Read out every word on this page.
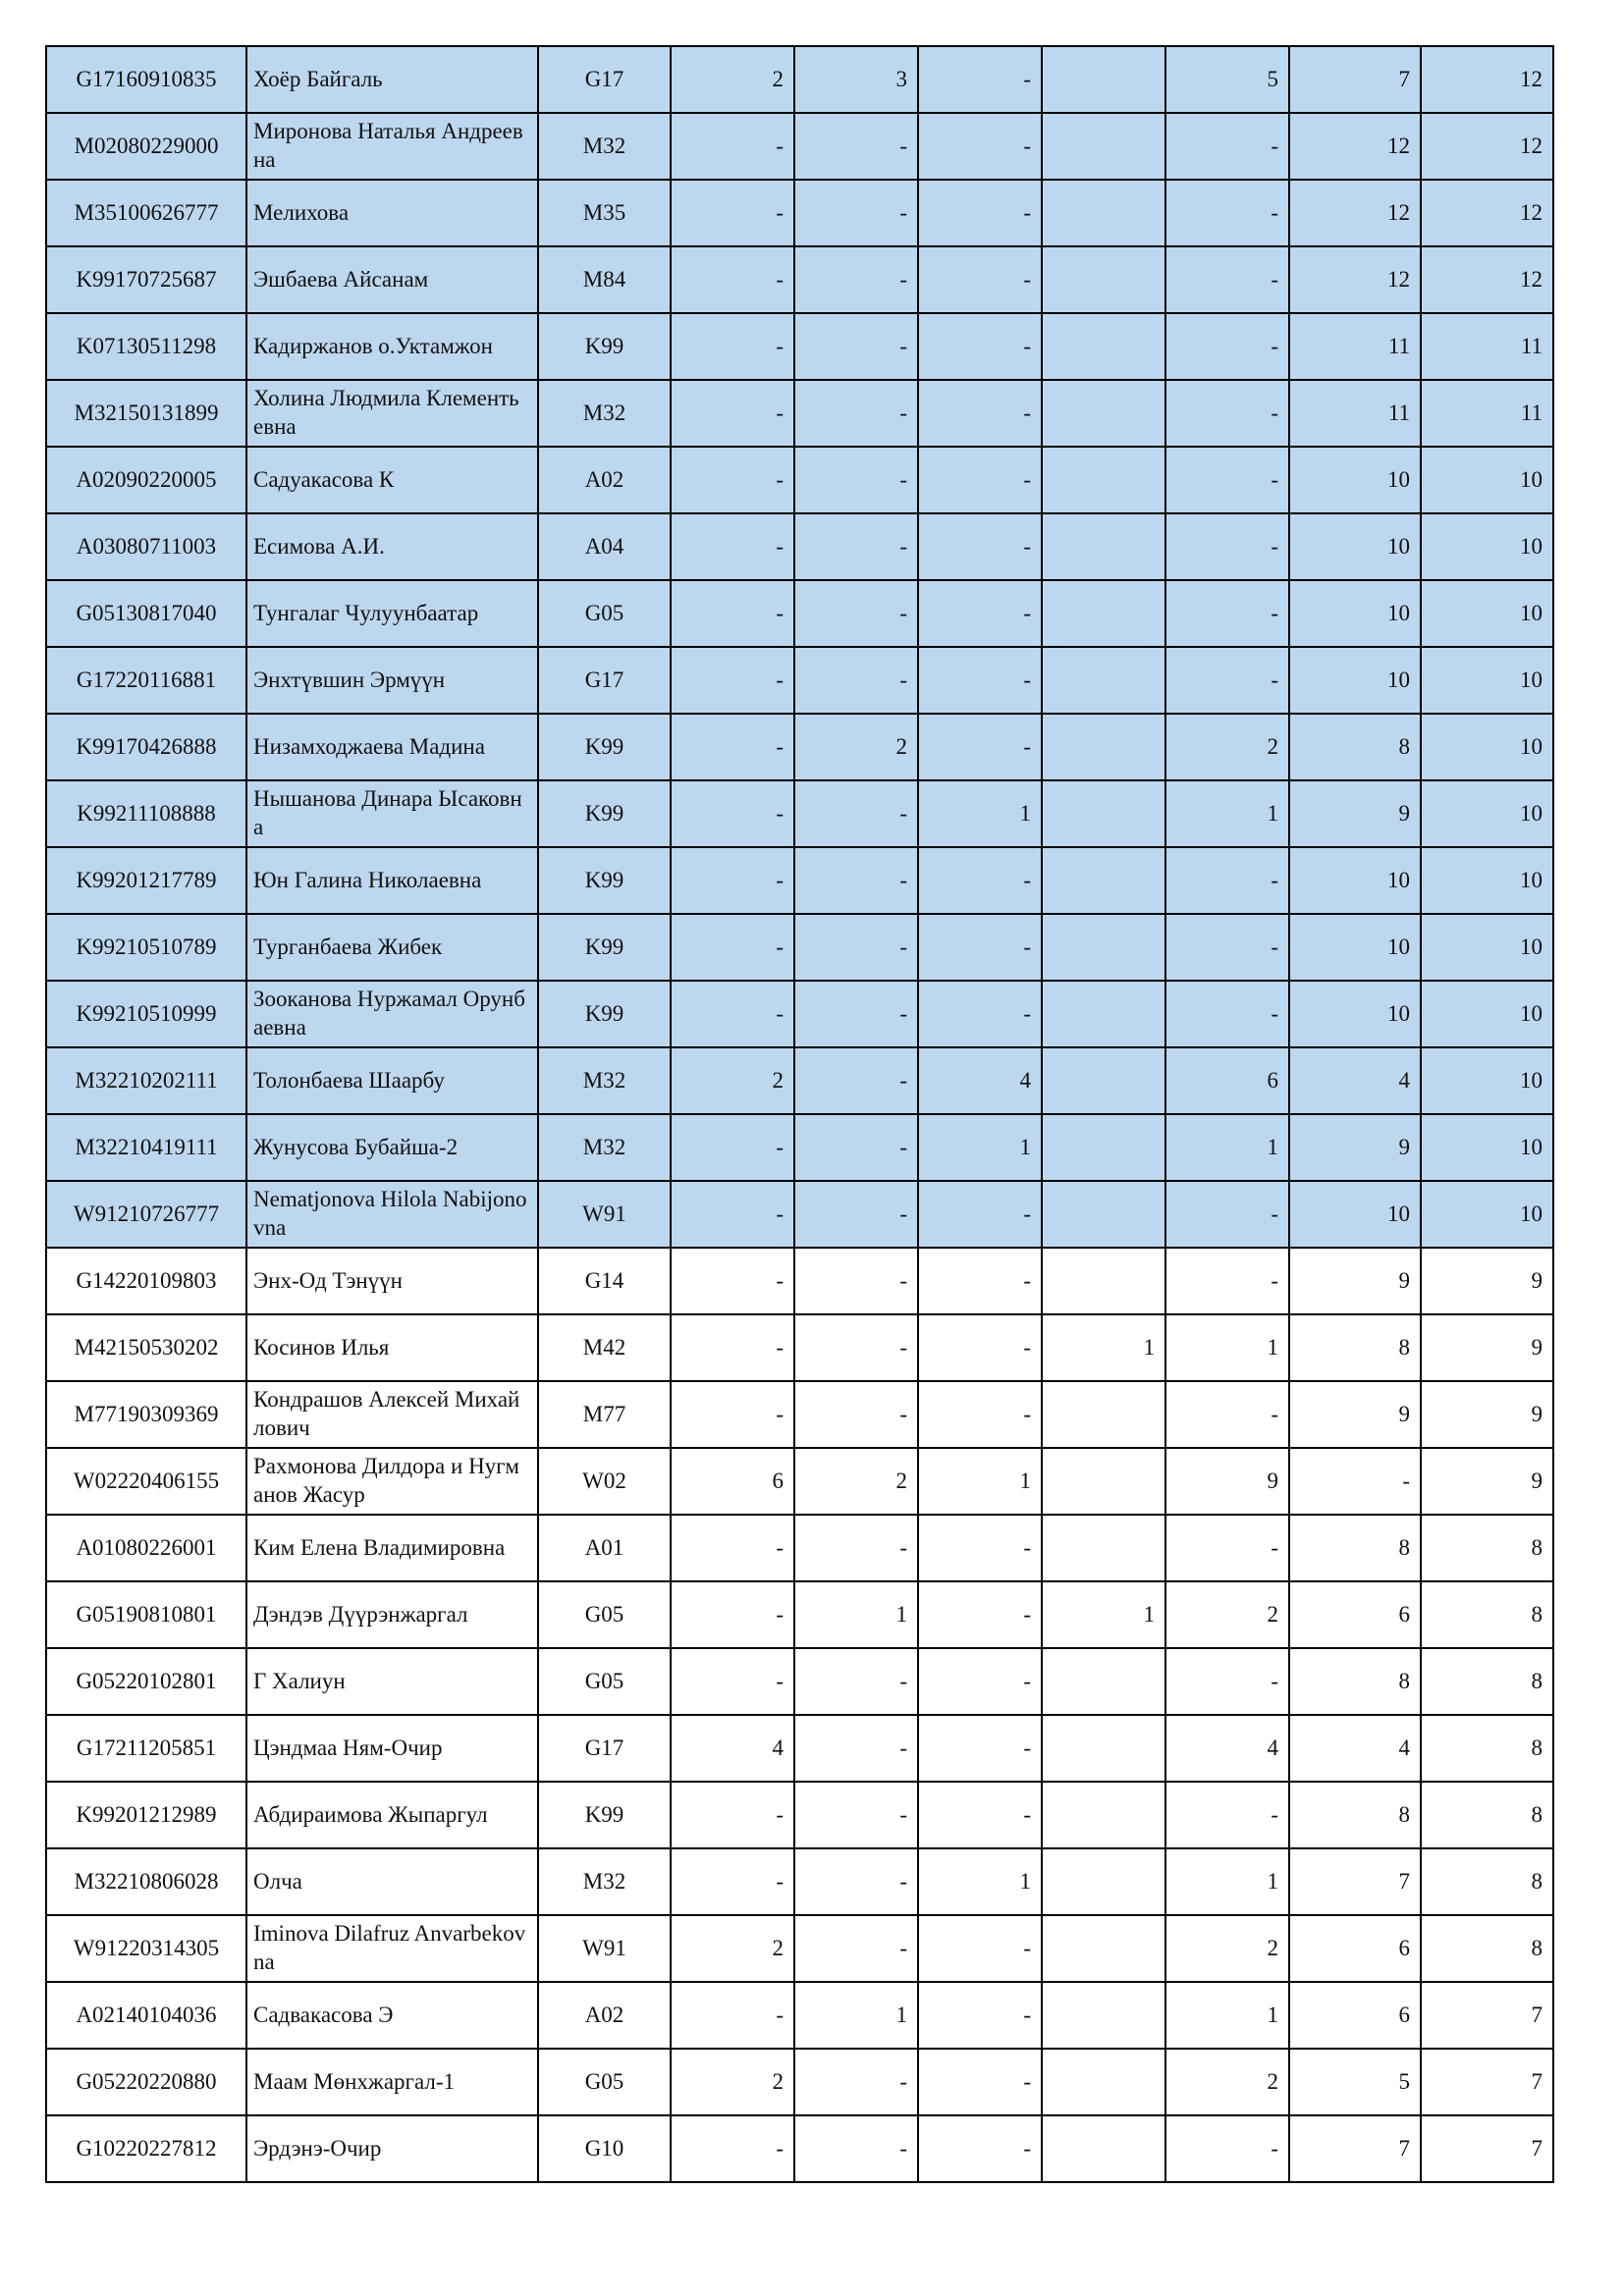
G17160910835	Хоёр Байгаль	G17	2	3	-		5	7	12
M02080229000	Миронова Наталья Андреевна	M32	-	-	-		-	12	12
M35100626777	Мелихова	M35	-	-	-		-	12	12
K99170725687	Эшбаева Айсанам	M84	-	-	-		-	12	12
K07130511298	Кадиржанов о.Уктамжон	K99	-	-	-		-	11	11
M32150131899	Холина Людмила Клементьевна	M32	-	-	-		-	11	11
A02090220005	Садуакасова К	A02	-	-	-		-	10	10
A03080711003	Есимова А.И.	A04	-	-	-		-	10	10
G05130817040	Тунгалаг Чулуунбаатар	G05	-	-	-		-	10	10
G17220116881	Энхтүвшин Эрмүүн	G17	-	-	-		-	10	10
K99170426888	Низамходжаева Мадина	K99	-	2	-		2	8	10
K99211108888	Нышанова Динара Ысаковна	K99	-	-	1		1	9	10
K99201217789	Юн Галина Николаевна	K99	-	-	-		-	10	10
K99210510789	Турганбаева Жибек	K99	-	-	-		-	10	10
K99210510999	Зооканова Нуржамал Орунбаевна	K99	-	-	-		-	10	10
M32210202111	Толонбаева Шаарбу	M32	2	-	4		6	4	10
M32210419111	Жунусова Бубайша-2	M32	-	-	1		1	9	10
W91210726777	Nematjonova Hilola Nabijonovna	W91	-	-	-		-	10	10
G14220109803	Энх-Од Тэнүүн	G14	-	-	-		-	9	9
M42150530202	Косинов Илья	M42	-	-	-	1	1	8	9
M77190309369	Кондрашов Алексей Михайлович	M77	-	-	-		-	9	9
W02220406155	Рахмонова Дилдора и Нугманов Жасур	W02	6	2	1		9	-	9
A01080226001	Ким Елена Владимировна	A01	-	-	-		-	8	8
G05190810801	Дэндэв Дүүрэнжаргал	G05	-	1	-	1	2	6	8
G05220102801	Г Халиун	G05	-	-	-		-	8	8
G17211205851	Цэндмаа Ням-Очир	G17	4	-	-		4	4	8
K99201212989	Абдираимова Жыпаргул	K99	-	-	-		-	8	8
M32210806028	Олча	M32	-	-	1		1	7	8
W91220314305	Iminova Dilafruz Anvarbekovna	W91	2	-	-		2	6	8
A02140104036	Садвакасова Э	A02	-	1	-		1	6	7
G05220220880	Маам Мөнхжаргал-1	G05	2	-	-		2	5	7
G10220227812	Эрдэнэ-Очир	G10	-	-	-		-	7	7
